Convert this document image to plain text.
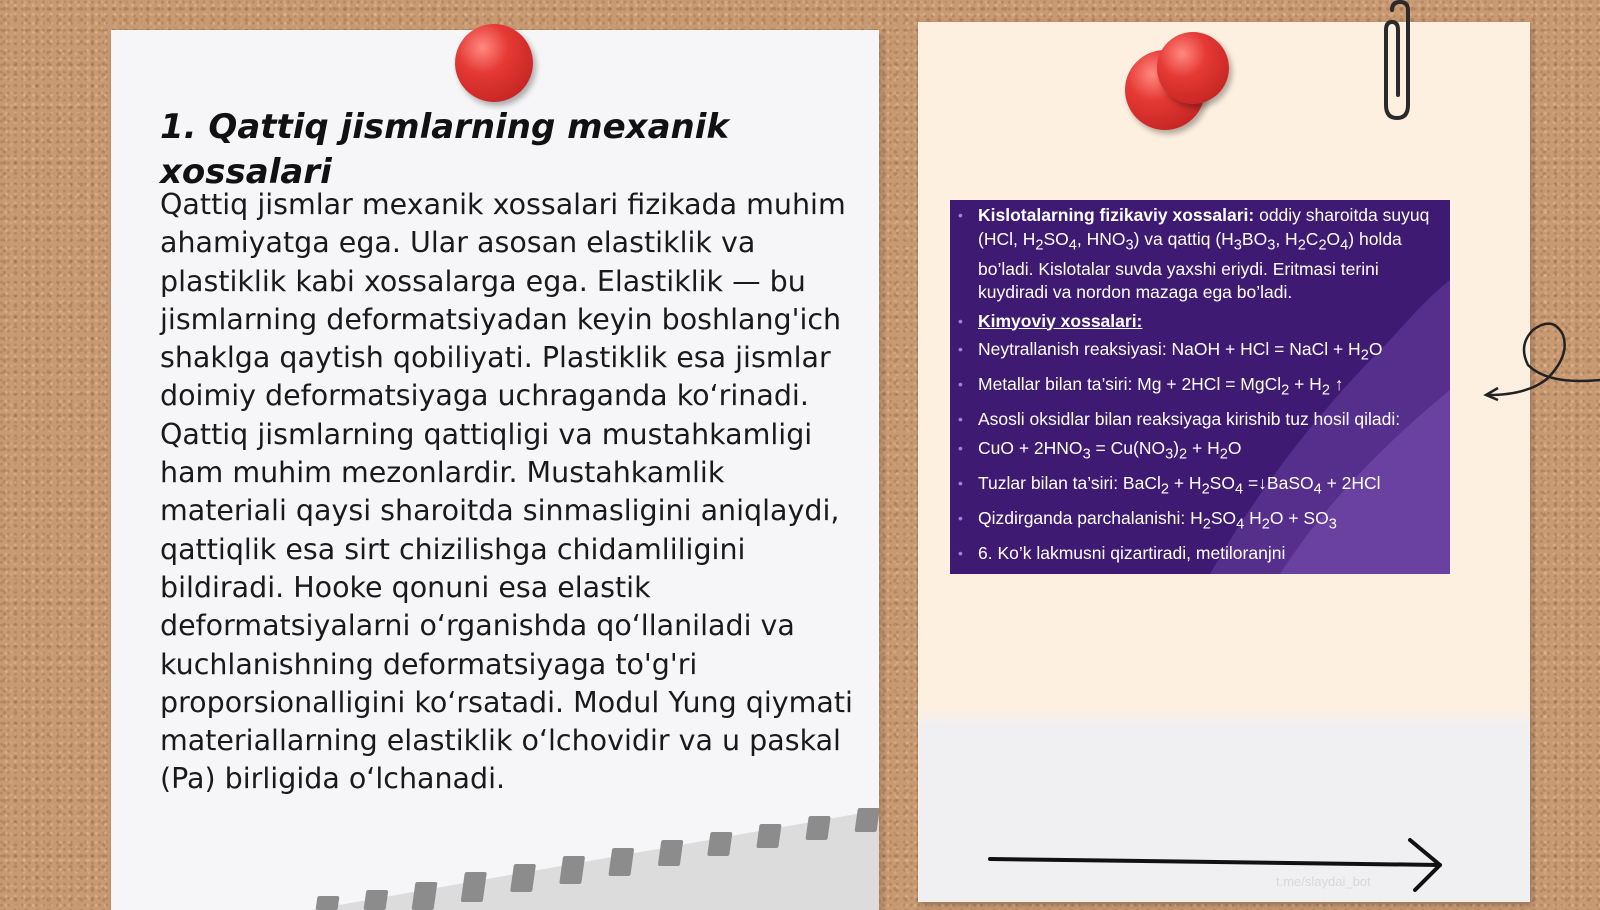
1. Qattiq jismlarning mexanik xossalari

Qattiq jismlar mexanik xossalari fizikada muhim ahamiyatga ega. Ular asosan elastiklik va plastiklik kabi xossalarga ega. Elastiklik — bu jismlarning deformatsiyadan keyin boshlang'ich shaklga qaytish qobiliyati. Plastiklik esa jismlar doimiy deformatsiyaga uchraganda ko‘rinadi. Qattiq jismlarning qattiqligi va mustahkamligi ham muhim mezonlardir. Mustahkamlik materiali qaysi sharoitda sinmasligini aniqlaydi, qattiqlik esa sirt chizilishga chidamliligini bildiradi. Hooke qonuni esa elastik deformatsiyalarni o‘rganishda qo‘llaniladi va kuchlanishning deformatsiyaga to'g'ri proporsionalligini ko‘rsatadi. Modul Yung qiymati materiallarning elastiklik o‘lchovidir va u paskal (Pa) birligida o‘lchanadi.

• Kislotalarning fizikaviy xossalari: oddiy sharoitda suyuq (HCl, $H_2SO_4$, $HNO_3$) va qattiq ($H_3BO_3$, $H_2C_2O_4$) holda bo’ladi. Kislotalar suvda yaxshi eriydi. Eritmasi terini kuydiradi va nordon mazaga ega bo’ladi.
• Kimyoviy xossalari:
• Neytrallanish reaksiyasi: NaOH + HCl = NaCl + $H_2O$
• Metallar bilan ta’siri: Mg + 2HCl = MgCl$_2$ + $H_2$ ↑
• Asosli oksidlar bilan reaksiyaga kirishib tuz hosil qiladi:
• CuO + $2HNO_3 = Cu(NO_3)_2 + H_2O$
• Tuzlar bilan ta’siri: BaCl$_2$ + $H_2SO_4$ =↓BaSO$_4$ + 2HCl
• Qizdirganda parchalanishi: $H_2SO_4$ $H_2O + SO_3$
• 6. Ko’k lakmusni qizartiradi, metiloranjni
t.me/slaydai_bot
